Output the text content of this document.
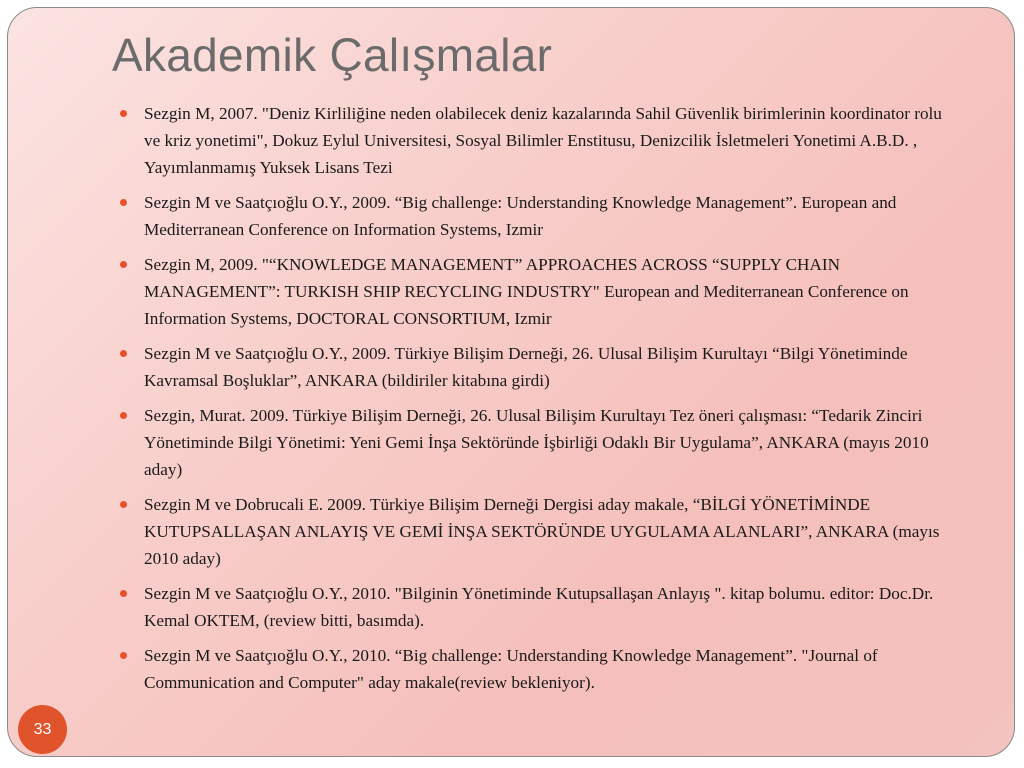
Akademik Çalışmalar
Sezgin M, 2007. "Deniz Kirliliğine neden olabilecek deniz kazalarında Sahil Güvenlik birimlerinin koordinator rolu ve kriz yonetimi", Dokuz Eylul Universitesi, Sosyal Bilimler Enstitusu, Denizcilik İsletmeleri Yonetimi A.B.D. , Yayımlanmamış Yuksek Lisans Tezi
Sezgin M ve Saatçıoğlu O.Y., 2009. “Big challenge: Understanding Knowledge Management”. European and Mediterranean Conference on Information Systems, Izmir
Sezgin M, 2009. "“KNOWLEDGE MANAGEMENT” APPROACHES ACROSS “SUPPLY CHAIN MANAGEMENT”: TURKISH SHIP RECYCLING INDUSTRY" European and Mediterranean Conference on Information Systems, DOCTORAL CONSORTIUM, Izmir
Sezgin M ve Saatçıoğlu O.Y., 2009. Türkiye Bilişim Derneği, 26. Ulusal Bilişim Kurultayı “Bilgi Yönetiminde Kavramsal Boşluklar”, ANKARA (bildiriler kitabına girdi)
Sezgin, Murat. 2009. Türkiye Bilişim Derneği, 26. Ulusal Bilişim Kurultayı Tez öneri çalışması: “Tedarik Zinciri Yönetiminde Bilgi Yönetimi: Yeni Gemi İnşa Sektöründe İşbirliği Odaklı Bir Uygulama”, ANKARA (mayıs 2010 aday)
Sezgin M ve Dobrucali E. 2009. Türkiye Bilişim Derneği Dergisi aday makale, “BİLGİ YÖNETİMİNDE KUTUPSALLAŞAN ANLAYIŞ VE GEMİ İNŞA SEKTÖRÜNDE UYGULAMA ALANLARI”, ANKARA (mayıs 2010 aday)
Sezgin M ve Saatçıoğlu O.Y., 2010. "Bilginin Yönetiminde Kutupsallaşan Anlayış ". kitap bolumu. editor: Doc.Dr. Kemal OKTEM, (review bitti, basımda).
Sezgin M ve Saatçıoğlu O.Y., 2010. “Big challenge: Understanding Knowledge Management”. "Journal of Communication and Computer" aday makale(review bekleniyor).
33
